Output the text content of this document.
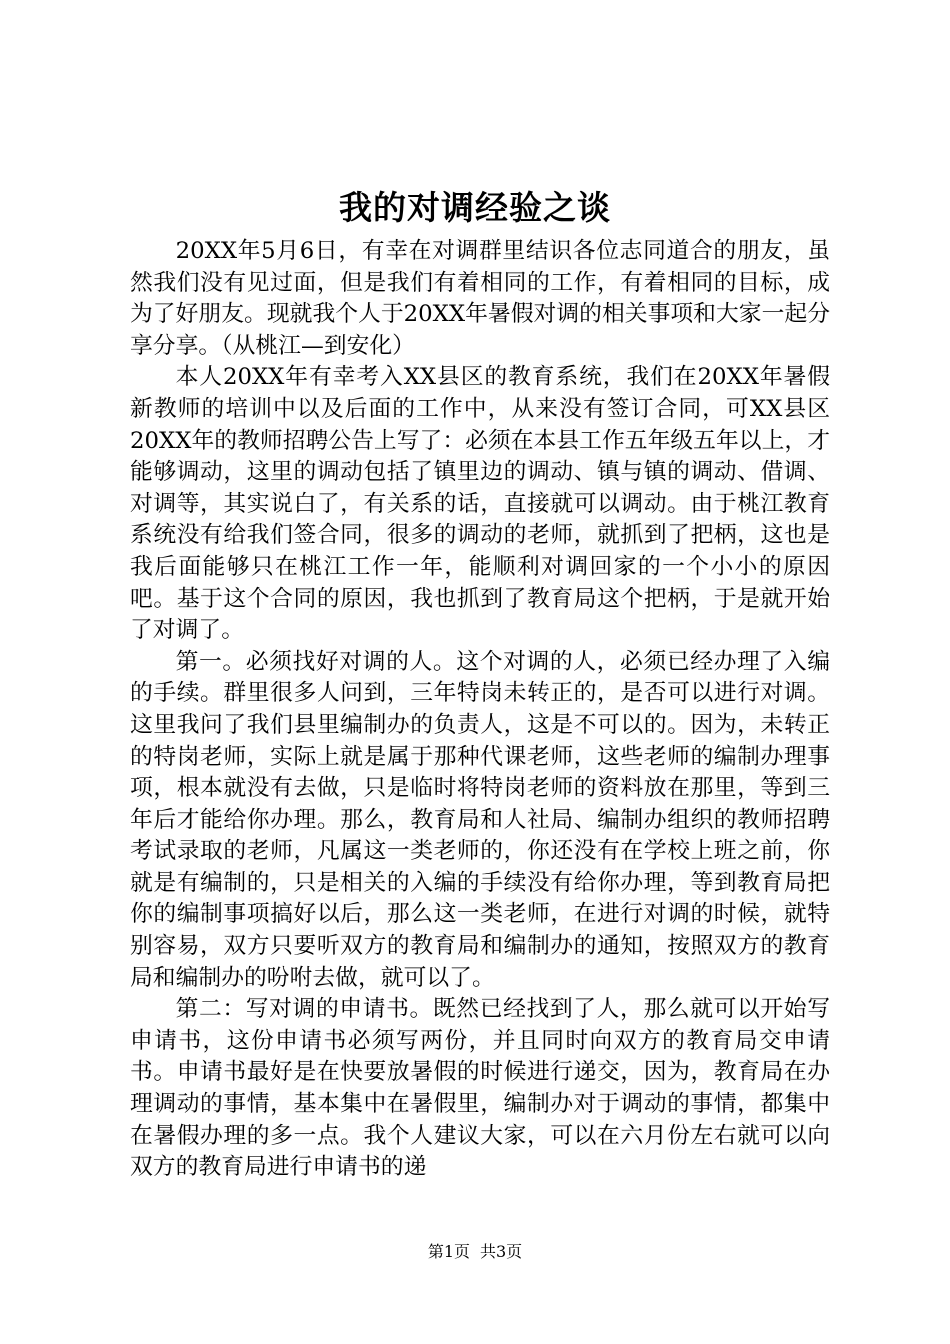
我的对调经验之谈

20XX年5月6日，有幸在对调群里结识各位志同道合的朋友，虽然我们没有见过面，但是我们有着相同的工作，有着相同的目标，成为了好朋友。现就我个人于20XX年暑假对调的相关事项和大家一起分享分享。（从桃江—到安化）

本人20XX年有幸考入XX县区的教育系统，我们在20XX年暑假新教师的培训中以及后面的工作中，从来没有签订合同，可XX县区20XX年的教师招聘公告上写了：必须在本县工作五年级五年以上，才能够调动，这里的调动包括了镇里边的调动、镇与镇的调动、借调、对调等，其实说白了，有关系的话，直接就可以调动。由于桃江教育系统没有给我们签合同，很多的调动的老师，就抓到了把柄，这也是我后面能够只在桃江工作一年，能顺利对调回家的一个小小的原因吧。基于这个合同的原因，我也抓到了教育局这个把柄，于是就开始了对调了。

第一。必须找好对调的人。这个对调的人，必须已经办理了入编的手续。群里很多人问到，三年特岗未转正的，是否可以进行对调。这里我问了我们县里编制办的负责人，这是不可以的。因为，未转正的特岗老师，实际上就是属于那种代课老师，这些老师的编制办理事项，根本就没有去做，只是临时将特岗老师的资料放在那里，等到三年后才能给你办理。那么，教育局和人社局、编制办组织的教师招聘考试录取的老师，凡属这一类老师的，你还没有在学校上班之前，你就是有编制的，只是相关的入编的手续没有给你办理，等到教育局把你的编制事项搞好以后，那么这一类老师，在进行对调的时候，就特别容易，双方只要听双方的教育局和编制办的通知，按照双方的教育局和编制办的吩咐去做，就可以了。

第二：写对调的申请书。既然已经找到了人，那么就可以开始写申请书，这份申请书必须写两份，并且同时向双方的教育局交申请书。申请书最好是在快要放暑假的时候进行递交，因为，教育局在办理调动的事情，基本集中在暑假里，编制办对于调动的事情，都集中在暑假办理的多一点。我个人建议大家，可以在六月份左右就可以向双方的教育局进行申请书的递

第1页 共3页
